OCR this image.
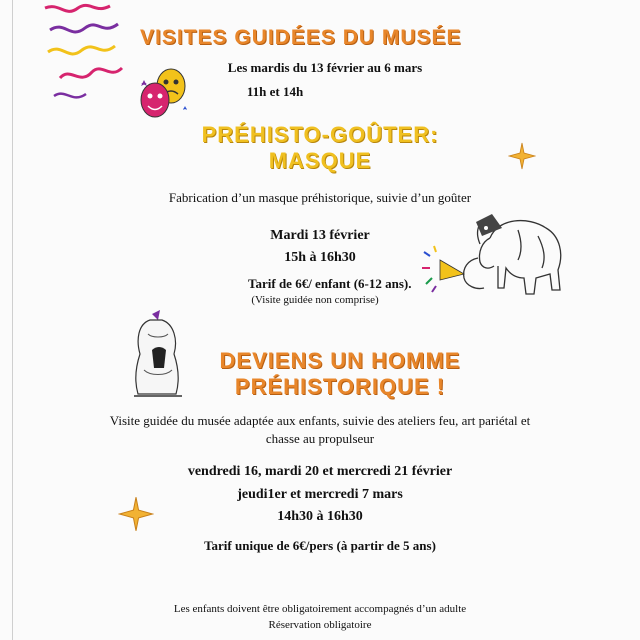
VISITES GUIDÉES DU MUSÉE
Les mardis du 13 février au 6 mars
11h et 14h
PRÉHISTO-GOÛTER:
MASQUE
Fabrication d’un masque préhistorique, suivie d’un goûter
Mardi 13 février
15h à 16h30
Tarif de 6€/ enfant (6-12 ans).
(Visite guidée non comprise)
DEVIENS UN HOMME
PRÉHISTORIQUE !
Visite guidée du musée adaptée aux enfants, suivie des ateliers feu, art pariétal et
chasse au propulseur
vendredi 16, mardi 20 et mercredi 21 février
jeudi1er et mercredi 7 mars
14h30 à 16h30
Tarif unique de 6€/pers (à partir de 5 ans)
Les enfants doivent être obligatoirement accompagnés d’un adulte
Réservation obligatoire
